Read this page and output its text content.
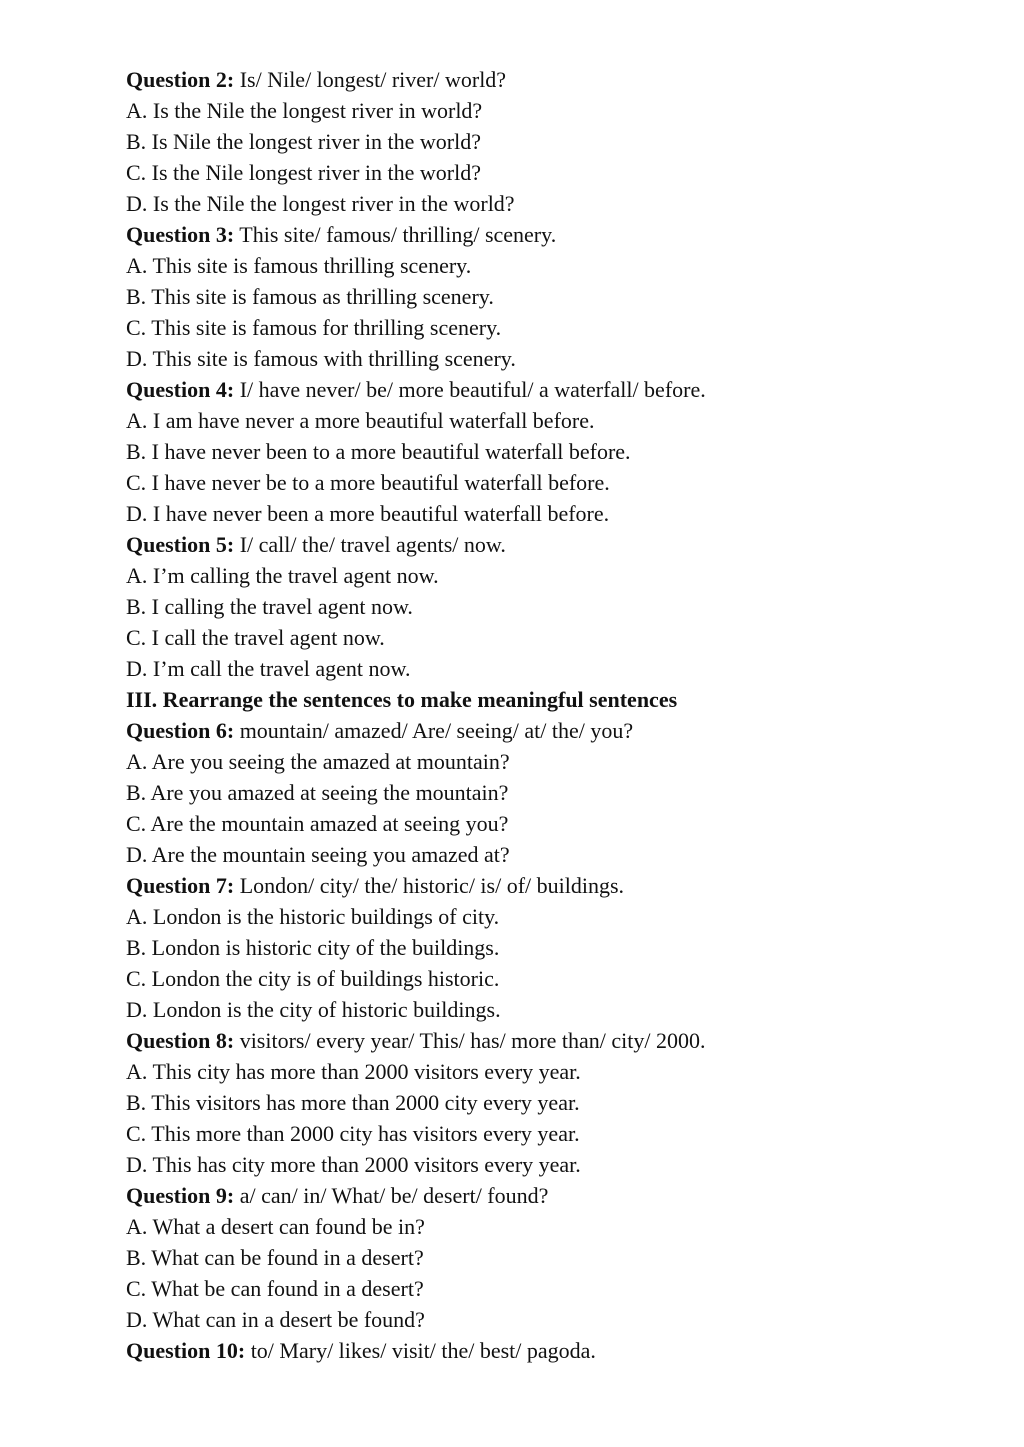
Question 2: Is/ Nile/ longest/ river/ world?
A. Is the Nile the longest river in world?
B. Is Nile the longest river in the world?
C. Is the Nile longest river in the world?
D. Is the Nile the longest river in the world?
Question 3: This site/ famous/ thrilling/ scenery.
A. This site is famous thrilling scenery.
B. This site is famous as thrilling scenery.
C. This site is famous for thrilling scenery.
D. This site is famous with thrilling scenery.
Question 4: I/ have never/ be/ more beautiful/ a waterfall/ before.
A. I am have never a more beautiful waterfall before.
B. I have never been to a more beautiful waterfall before.
C. I have never be to a more beautiful waterfall before.
D. I have never been a more beautiful waterfall before.
Question 5: I/ call/ the/ travel agents/ now.
A. I’m calling the travel agent now.
B. I calling the travel agent now.
C. I call the travel agent now.
D. I’m call the travel agent now.
III. Rearrange the sentences to make meaningful sentences
Question 6: mountain/ amazed/ Are/ seeing/ at/ the/ you?
A. Are you seeing the amazed at mountain?
B. Are you amazed at seeing the mountain?
C. Are the mountain amazed at seeing you?
D. Are the mountain seeing you amazed at?
Question 7: London/ city/ the/ historic/ is/ of/ buildings.
A. London is the historic buildings of city.
B. London is historic city of the buildings.
C. London the city is of buildings historic.
D. London is the city of historic buildings.
Question 8: visitors/ every year/ This/ has/ more than/ city/ 2000.
A. This city has more than 2000 visitors every year.
B. This visitors has more than 2000 city every year.
C. This more than 2000 city has visitors every year.
D. This has city more than 2000 visitors every year.
Question 9: a/ can/ in/ What/ be/ desert/ found?
A. What a desert can found be in?
B. What can be found in a desert?
C. What be can found in a desert?
D. What can in a desert be found?
Question 10: to/ Mary/ likes/ visit/ the/ best/ pagoda.
